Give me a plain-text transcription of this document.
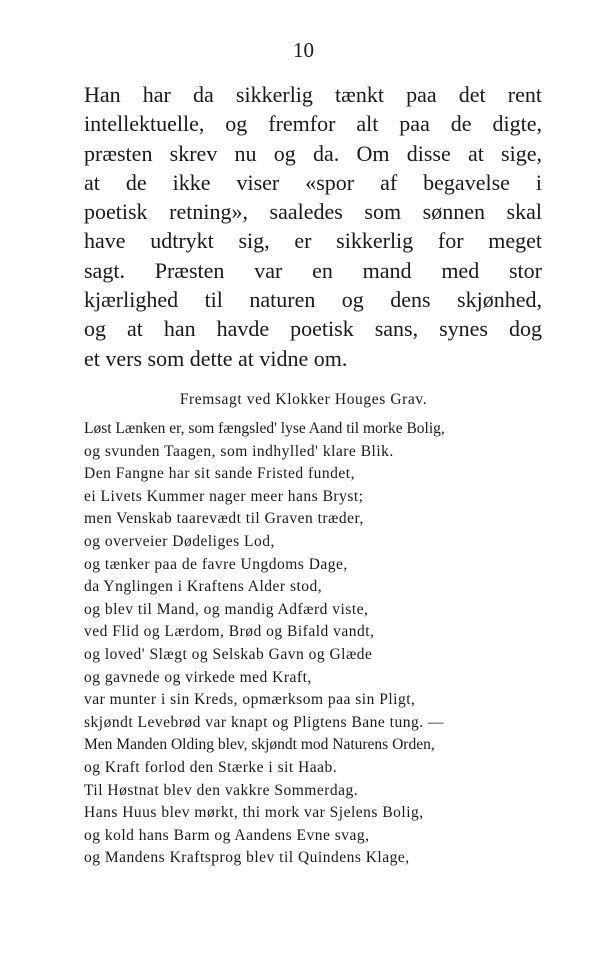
10
Han har da sikkerlig tænkt paa det rent
intellektuelle, og fremfor alt paa de digte,
præsten skrev nu og da. Om disse at sige,
at de ikke viser «spor af begavelse i
poetisk retning», saaledes som sønnen skal
have udtrykt sig, er sikkerlig for meget
sagt. Præsten var en mand med stor
kjærlighed til naturen og dens skjønhed,
og at han havde poetisk sans, synes dog
et vers som dette at vidne om.
Fremsagt ved Klokker Houges Grav.
Løst Lænken er, som fængsled' lyse Aand til morke Bolig,
og svunden Taagen, som indhylled' klare Blik.
Den Fangne har sit sande Fristed fundet,
ei Livets Kummer nager meer hans Bryst;
men Venskab taarevædt til Graven træder,
og overveier Dødeliges Lod,
og tænker paa de favre Ungdoms Dage,
da Ynglingen i Kraftens Alder stod,
og blev til Mand, og mandig Adfærd viste,
ved Flid og Lærdom, Brød og Bifald vandt,
og loved' Slægt og Selskab Gavn og Glæde
og gavnede og virkede med Kraft,
var munter i sin Kreds, opmærksom paa sin Pligt,
skjøndt Levebrød var knapt og Pligtens Bane tung. —
Men Manden Olding blev, skjøndt mod Naturens Orden,
og Kraft forlod den Stærke i sit Haab.
Til Høstnat blev den vakkre Sommerdag.
Hans Huus blev mørkt, thi mork var Sjelens Bolig,
og kold hans Barm og Aandens Evne svag,
og Mandens Kraftsprog blev til Quindens Klage,
